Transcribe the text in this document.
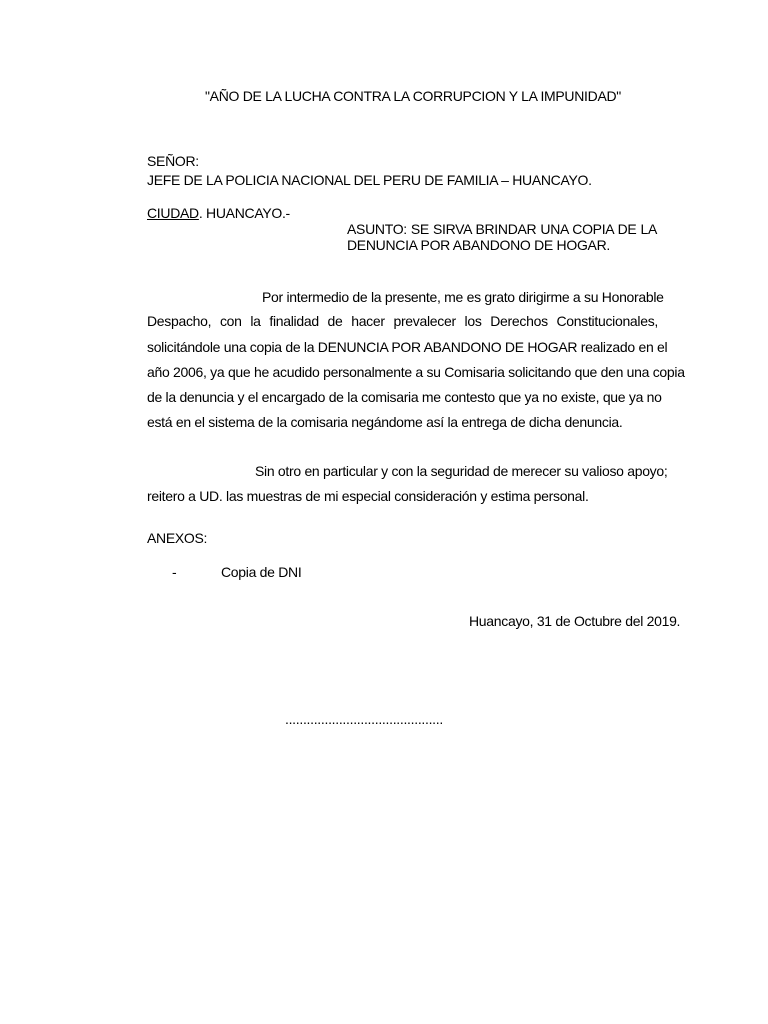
"AÑO DE LA LUCHA CONTRA LA CORRUPCION Y LA IMPUNIDAD"
SEÑOR:
JEFE DE LA POLICIA NACIONAL DEL PERU DE FAMILIA – HUANCAYO.
CIUDAD. HUANCAYO.-
ASUNTO: SE SIRVA BRINDAR UNA COPIA DE LA
DENUNCIA POR ABANDONO DE HOGAR.
Por intermedio de la presente, me es grato dirigirme a su Honorable
Despacho, con la finalidad de hacer prevalecer los Derechos Constitucionales,
solicitándole una copia de la DENUNCIA POR ABANDONO DE HOGAR realizado en el
año 2006, ya que he acudido personalmente a su Comisaria solicitando que den una copia
de la denuncia y el encargado de la comisaria me contesto que ya no existe, que ya no
está en el sistema de la comisaria negándome así la entrega de dicha denuncia.
Sin otro en particular y con la seguridad de merecer su valioso apoyo;
reitero a UD. las muestras de mi especial consideración y estima personal.
ANEXOS:
-	Copia de DNI
Huancayo, 31 de Octubre del 2019.
............................................
